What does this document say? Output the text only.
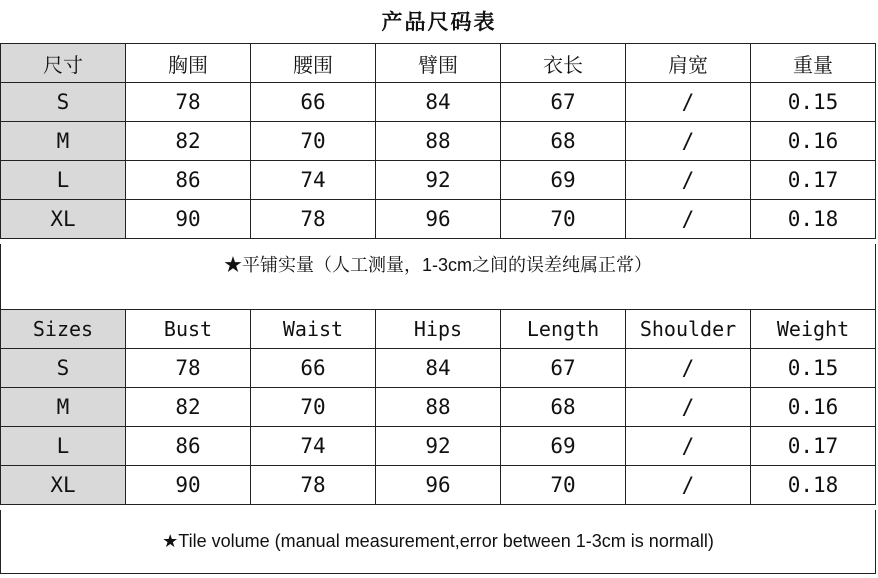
产品尺码表
尺寸	胸围	腰围	臂围	衣长	肩宽	重量
S	78	66	84	67	/	0.15
M	82	70	88	68	/	0.16
L	86	74	92	69	/	0.17
XL	90	78	96	70	/	0.18
★平铺实量（人工测量，1-3cm之间的误差纯属正常）
Sizes	Bust	Waist	Hips	Length	Shoulder	Weight
S	78	66	84	67	/	0.15
M	82	70	88	68	/	0.16
L	86	74	92	69	/	0.17
XL	90	78	96	70	/	0.18
★Tile volume (manual measurement,error between 1-3cm is normall)
